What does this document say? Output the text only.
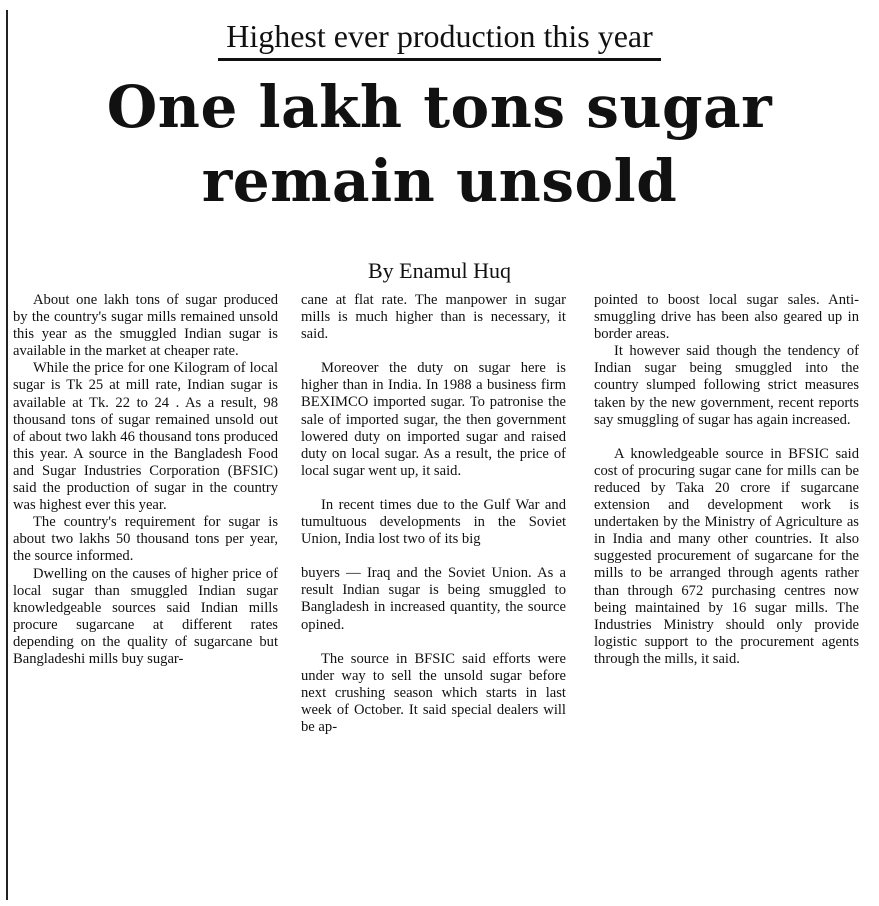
Highest ever production this year
One lakh tons sugar
remain unsold
By Enamul Huq

About one lakh tons of sugar produced by the country's sugar mills remained unsold this year as the smuggled Indian sugar is available in the market at cheaper rate.

While the price for one Kilogram of local sugar is Tk 25 at mill rate, Indian sugar is available at Tk. 22 to 24 . As a result, 98 thousand tons of sugar remained unsold out of about two lakh 46 thousand tons produced this year. A source in the Bangladesh Food and Sugar Industries Corporation (BFSIC) said the production of sugar in the country was highest ever this year.

The country's requirement for sugar is about two lakhs 50 thousand tons per year, the source informed.

Dwelling on the causes of higher price of local sugar than smuggled Indian sugar knowledgeable sources said Indian mills procure sugarcane at different rates depending on the quality of sugarcane but Bangladeshi mills buy sugar-

cane at flat rate. The manpower in sugar mills is much higher than is necessary, it said.

Moreover the duty on sugar here is higher than in India. In 1988 a business firm BEXIMCO imported sugar. To patronise the sale of imported sugar, the then government lowered duty on imported sugar and raised duty on local sugar. As a result, the price of local sugar went up, it said.

In recent times due to the Gulf War and tumultuous developments in the Soviet Union, India lost two of its big

buyers — Iraq and the Soviet Union. As a result Indian sugar is being smuggled to Bangladesh in increased quantity, the source opined.

The source in BFSIC said efforts were under way to sell the unsold sugar before next crushing season which starts in last week of October. It said special dealers will be ap-

pointed to boost local sugar sales. Anti-smuggling drive has been also geared up in border areas.

It however said though the tendency of Indian sugar being smuggled into the country slumped following strict measures taken by the new government, recent reports say smuggling of sugar has again increased.

A knowledgeable source in BFSIC said cost of procuring sugar cane for mills can be reduced by Taka 20 crore if sugarcane extension and development work is undertaken by the Ministry of Agriculture as in India and many other countries. It also suggested procurement of sugarcane for the mills to be arranged through agents rather than through 672 purchasing centres now being maintained by 16 sugar mills. The Industries Ministry should only provide logistic support to the procurement agents through the mills, it said.
